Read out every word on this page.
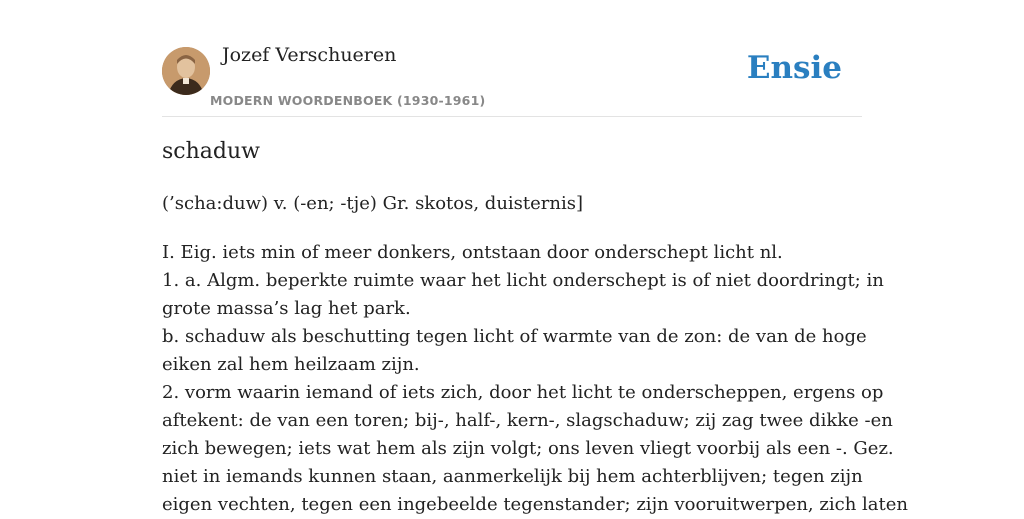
Jozef Verschueren
MODERN WOORDENBOEK (1930-1961)
Ensie
schaduw
(’scha:duw) v. (-en; -tje) Gr. skotos, duisternis]
I. Eig. iets min of meer donkers, ontstaan door onderschept licht nl.
1. a. Algm. beperkte ruimte waar het licht onderschept is of niet doordringt; in
grote massa’s lag het park.
b. schaduw als beschutting tegen licht of warmte van de zon: de van de hoge
eiken zal hem heilzaam zijn.
2. vorm waarin iemand of iets zich, door het licht te onderscheppen, ergens op
aftekent: de van een toren; bij-, half-, kern-, slagschaduw; zij zag twee dikke -en
zich bewegen; iets wat hem als zijn volgt; ons leven vliegt voorbij als een -. Gez.
niet in iemands kunnen staan, aanmerkelijk bij hem achterblijven; tegen zijn
eigen vechten, tegen een ingebeelde tegenstander; zijn vooruitwerpen, zich laten
